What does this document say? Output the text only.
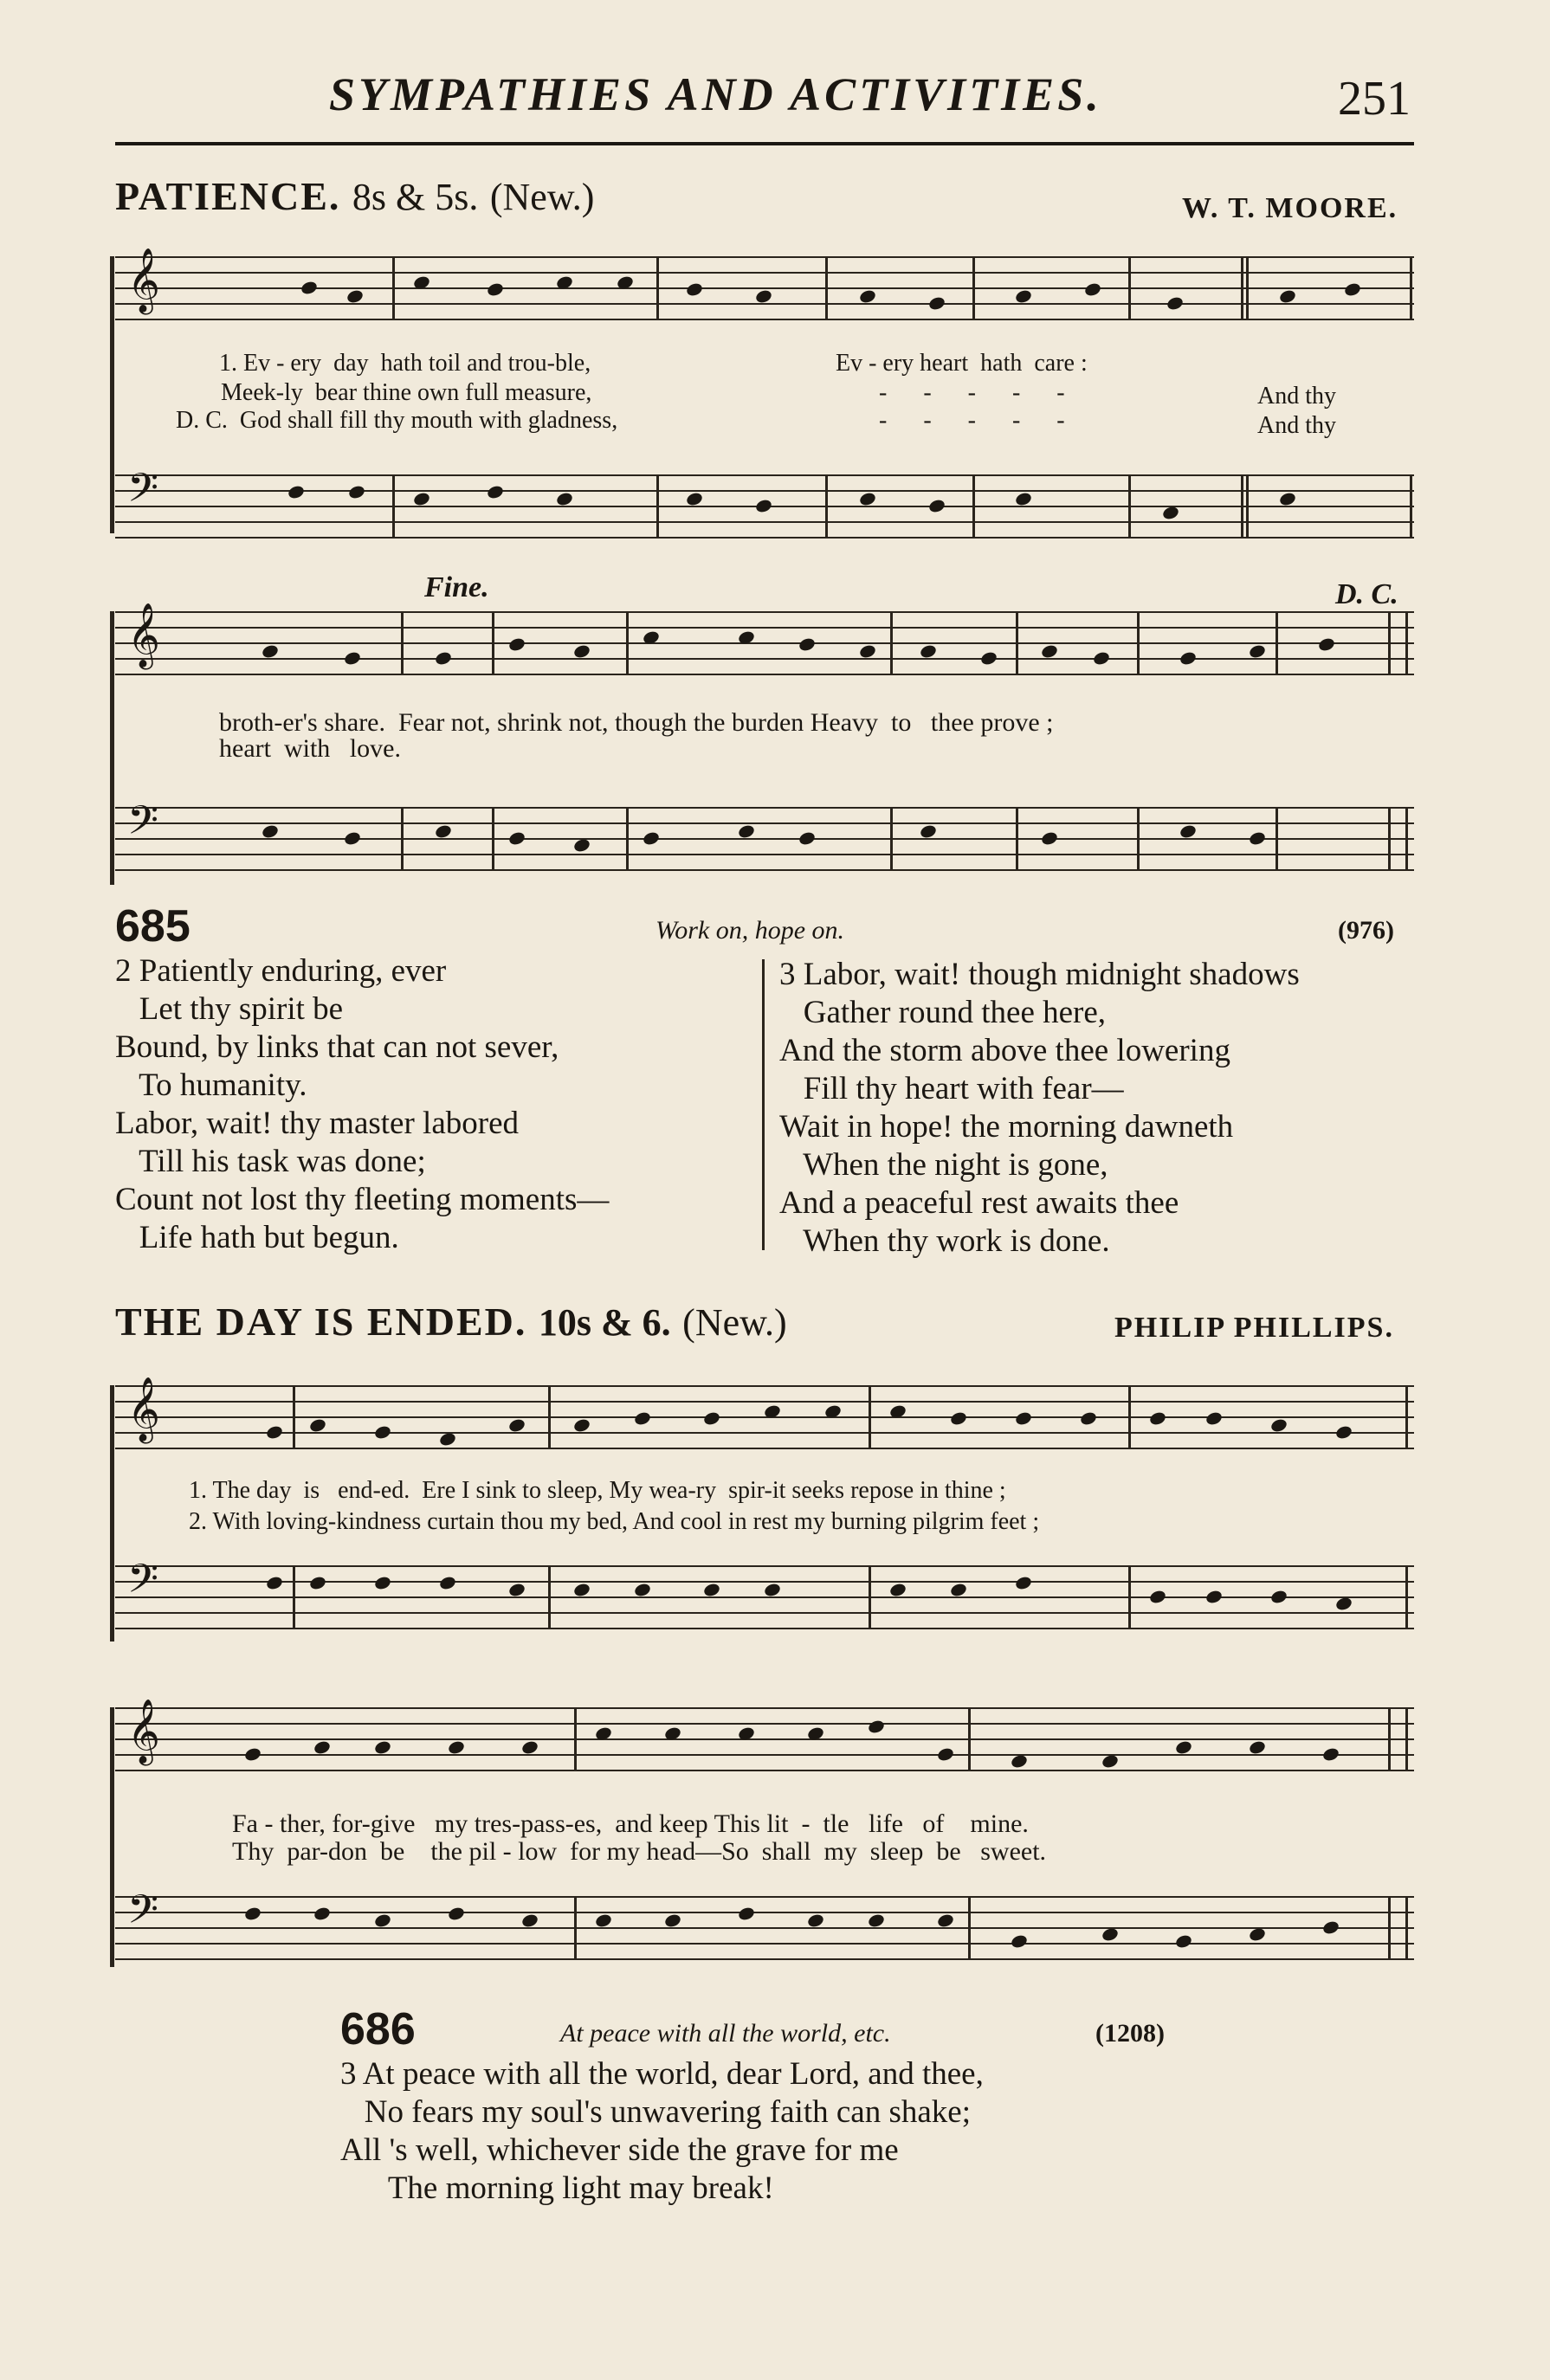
SYMPATHIES AND ACTIVITIES.	251
PATIENCE. 8s & 5s. (New.)	W. T. MOORE.
𝄞
1. Ev - ery  day  hath toil and trou-ble,	Ev - ery heart  hath  care :
Meek-ly  bear thine own full measure,	-      -      -      -      -	And thy
D. C.  God shall fill thy mouth with gladness,	-      -      -      -      -	And thy
𝄢
Fine.	D. C.
𝄞
broth-er's share.  Fear not, shrink not, though the burden Heavy  to   thee prove ;
heart  with   love.
𝄢
685	Work on, hope on.	(976)
2 Patiently enduring, ever
Let thy spirit be
Bound, by links that can not sever,
To humanity.
Labor, wait! thy master labored
Till his task was done;
Count not lost thy fleeting moments—
Life hath but begun.
3 Labor, wait! though midnight shadows
Gather round thee here,
And the storm above thee lowering
Fill thy heart with fear—
Wait in hope! the morning dawneth
When the night is gone,
And a peaceful rest awaits thee
When thy work is done.
THE DAY IS ENDED. 10s & 6. (New.)	PHILIP PHILLIPS.
𝄞
1. The day  is   end-ed.  Ere I sink to sleep, My wea-ry  spir-it seeks repose in thine ;
2. With loving-kindness curtain thou my bed, And cool in rest my burning pilgrim feet ;
𝄢
𝄞
Fa - ther, for-give   my tres-pass-es,  and keep This lit  -  tle   life   of    mine.
Thy  par-don  be    the pil - low  for my head—So  shall  my  sleep  be   sweet.
𝄢
686	At peace with all the world, etc.	(1208)
3 At peace with all the world, dear Lord, and thee,
No fears my soul's unwavering faith can shake;
All 's well, whichever side the grave for me
The morning light may break!
